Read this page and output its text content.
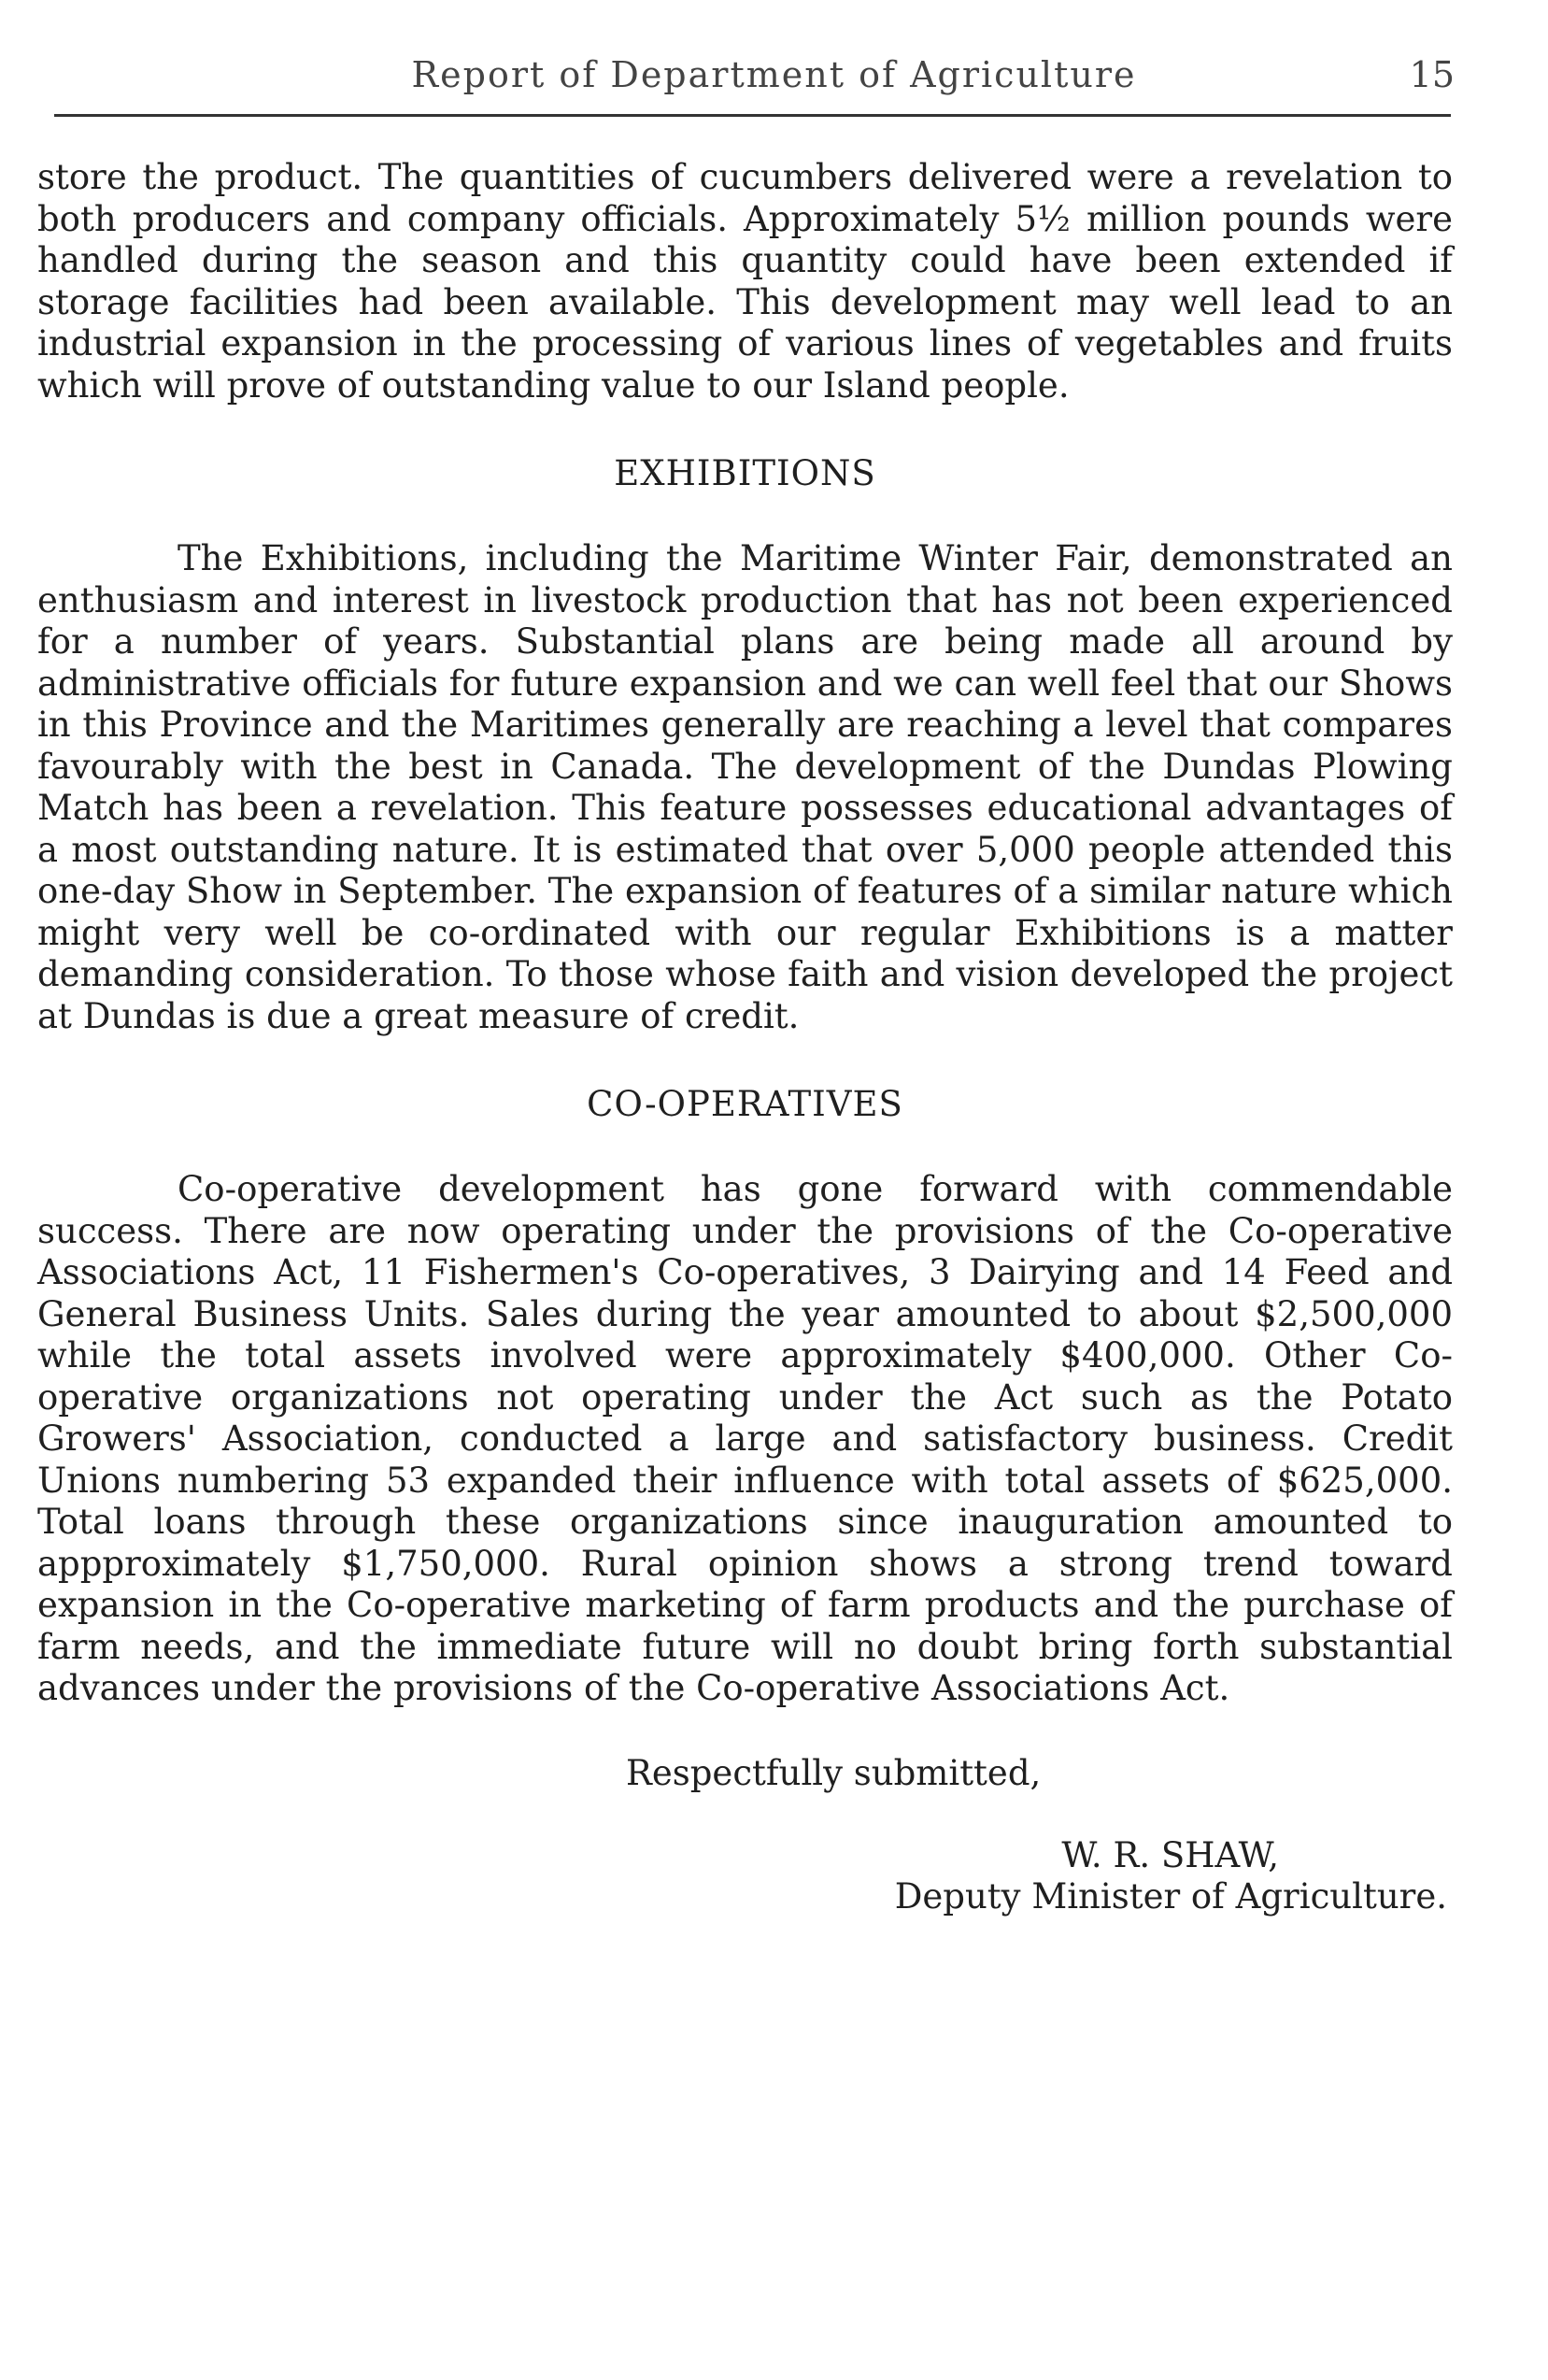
Report of Department of Agriculture	15

store the product. The quantities of cucumbers delivered were a revelation to both producers and company officials. Approximately 5½ million pounds were handled during the season and this quantity could have been extended if storage facilities had been available. This development may well lead to an industrial expansion in the processing of various lines of vegetables and fruits which will prove of outstanding value to our Island people.

EXHIBITIONS

The Exhibitions, including the Maritime Winter Fair, demonstrated an enthusiasm and interest in livestock production that has not been experienced for a number of years. Substantial plans are being made all around by administrative officials for future expansion and we can well feel that our Shows in this Province and the Maritimes generally are reaching a level that compares favourably with the best in Canada. The development of the Dundas Plowing Match has been a revelation. This feature possesses educational advantages of a most outstanding nature. It is estimated that over 5,000 people attended this one-day Show in September. The expansion of features of a similar nature which might very well be co-ordinated with our regular Exhibitions is a matter demanding consideration. To those whose faith and vision developed the project at Dundas is due a great measure of credit.

CO-OPERATIVES

Co-operative development has gone forward with commendable success. There are now operating under the provisions of the Co-operative Associations Act, 11 Fishermen's Co-operatives, 3 Dairying and 14 Feed and General Business Units. Sales during the year amounted to about $2,500,000 while the total assets involved were approximately $400,000. Other Co-operative organizations not operating under the Act such as the Potato Growers' Association, conducted a large and satisfactory business. Credit Unions numbering 53 expanded their influence with total assets of $625,000. Total loans through these organizations since inauguration amounted to appproximately $1,750,000. Rural opinion shows a strong trend toward expansion in the Co-operative marketing of farm products and the purchase of farm needs, and the immediate future will no doubt bring forth substantial advances under the provisions of the Co-operative Associations Act.

Respectfully submitted,

W. R. SHAW,
Deputy Minister of Agriculture.
